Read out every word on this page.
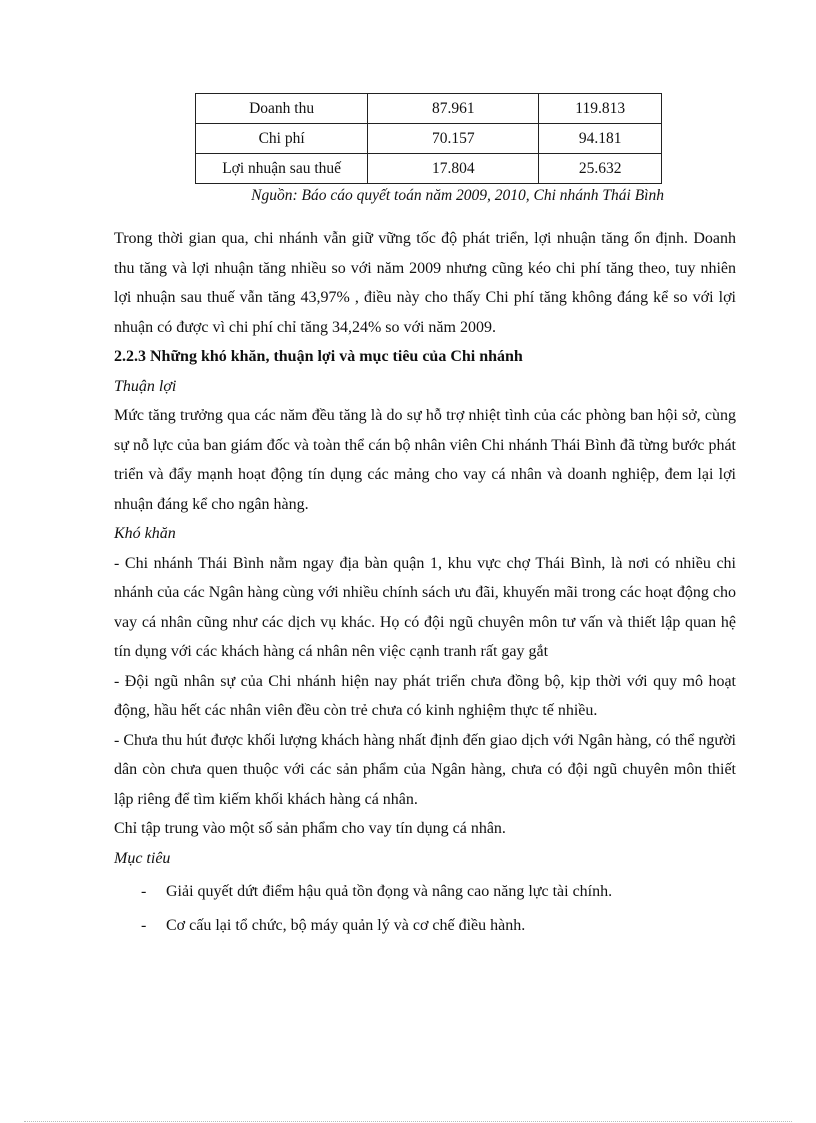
Doanh thu	87.961	119.813
Chi phí	70.157	94.181
Lợi nhuận sau thuế	17.804	25.632
Nguồn: Báo cáo quyết toán năm 2009, 2010, Chi nhánh Thái Bình

Trong thời gian qua, chi nhánh vẫn giữ vững tốc độ phát triển, lợi nhuận tăng ổn định. Doanh thu tăng và lợi nhuận tăng nhiều so với năm 2009 nhưng cũng kéo chi phí tăng theo, tuy nhiên lợi nhuận sau thuế vẫn tăng 43,97% , điều này cho thấy Chi phí tăng không đáng kể so với lợi nhuận có được vì chi phí chỉ tăng 34,24% so với năm 2009.

2.2.3 Những khó khăn, thuận lợi và mục tiêu của Chi nhánh

Thuận lợi

Mức tăng trưởng qua các năm đều tăng là do sự hỗ trợ nhiệt tình của các phòng ban hội sở, cùng sự nỗ lực của ban giám đốc và toàn thể cán bộ nhân viên Chi nhánh Thái Bình đã từng bước phát triển và đẩy mạnh hoạt động tín dụng các mảng cho vay cá nhân và doanh nghiệp, đem lại lợi nhuận đáng kể cho ngân hàng.

Khó khăn

- Chi nhánh Thái Bình nằm ngay địa bàn quận 1, khu vực chợ Thái Bình, là nơi có nhiều chi nhánh của các Ngân hàng cùng với nhiều chính sách ưu đãi, khuyến mãi trong các hoạt động cho vay cá nhân cũng như các dịch vụ khác. Họ có đội ngũ chuyên môn tư vấn và thiết lập quan hệ tín dụng với các khách hàng cá nhân nên việc cạnh tranh rất gay gắt

- Đội ngũ nhân sự của Chi nhánh hiện nay phát triển chưa đồng bộ, kịp thời với quy mô hoạt động, hầu hết các nhân viên đều còn trẻ chưa có kinh nghiệm thực tế nhiều.

- Chưa thu hút được khối lượng khách hàng nhất định đến giao dịch với Ngân hàng, có thể người dân còn chưa quen thuộc với các sản phẩm của Ngân hàng, chưa có đội ngũ chuyên môn thiết lập riêng để tìm kiếm khối khách hàng cá nhân.

Chỉ tập trung vào một số sản phẩm cho vay tín dụng cá nhân.

Mục tiêu

- Giải quyết dứt điểm hậu quả tồn đọng và nâng cao năng lực tài chính.

- Cơ cấu lại tổ chức, bộ máy quản lý và cơ chế điều hành.
